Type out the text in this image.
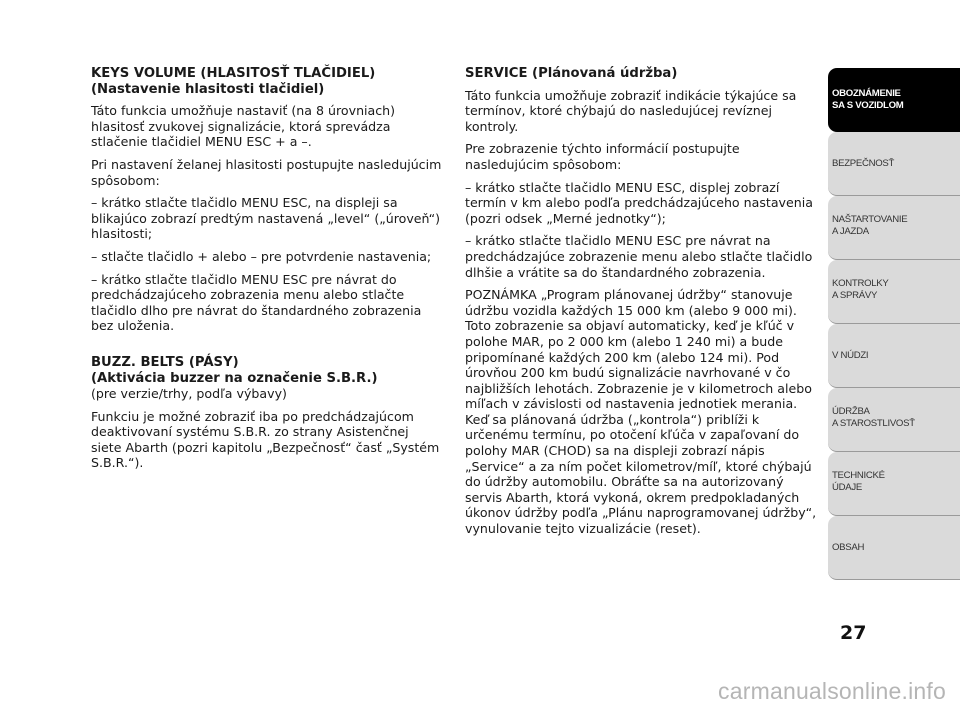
KEYS VOLUME (HLASITOSŤ TLAČIDIEL)
(Nastavenie hlasitosti tlačidiel)

Táto funkcia umožňuje nastaviť (na 8 úrovniach) hlasitosť zvukovej signalizácie, ktorá sprevádza stlačenie tlačidiel MENU ESC + a –.

Pri nastavení želanej hlasitosti postupujte nasledujúcim spôsobom:

– krátko stlačte tlačidlo MENU ESC, na displeji sa blikajúco zobrazí predtým nastavená „level“ („úroveň“) hlasitosti;

– stlačte tlačidlo + alebo – pre potvrdenie nastavenia;

– krátko stlačte tlačidlo MENU ESC pre návrat do predchádzajúceho zobrazenia menu alebo stlačte tlačidlo dlho pre návrat do štandardného zobrazenia bez uloženia.

BUZZ. BELTS (PÁSY)
(Aktivácia buzzer na označenie S.B.R.)

(pre verzie/trhy, podľa výbavy)

Funkciu je možné zobraziť iba po predchádzajúcom deaktivovaní systému S.B.R. zo strany Asistenčnej siete Abarth (pozri kapitolu „Bezpečnosť“ časť „Systém S.B.R.“).

SERVICE (Plánovaná údržba)

Táto funkcia umožňuje zobraziť indikácie týkajúce sa termínov, ktoré chýbajú do nasledujúcej revíznej kontroly.

Pre zobrazenie týchto informácií postupujte nasledujúcim spôsobom:

– krátko stlačte tlačidlo MENU ESC, displej zobrazí termín v km alebo podľa predchádzajúceho nastavenia (pozri odsek „Merné jednotky“);

– krátko stlačte tlačidlo MENU ESC pre návrat na predchádzajúce zobrazenie menu alebo stlačte tlačidlo dlhšie a vrátite sa do štandardného zobrazenia.

POZNÁMKA „Program plánovanej údržby“ stanovuje údržbu vozidla každých 15 000 km (alebo 9 000 mi). Toto zobrazenie sa objaví automaticky, keď je kľúč v polohe MAR, po 2 000 km (alebo 1 240 mi) a bude pripomínané každých 200 km (alebo 124 mi). Pod úrovňou 200 km budú signalizácie navrhované v čo najbližších lehotách. Zobrazenie je v kilometroch alebo míľach v závislosti od nastavenia jednotiek merania. Keď sa plánovaná údržba („kontrola“) priblíži k určenému termínu, po otočení kľúča v zapaľovaní do polohy MAR (CHOD) sa na displeji zobrazí nápis „Service“ a za ním počet kilometrov/míľ, ktoré chýbajú do údržby automobilu. Obráťte sa na autorizovaný servis Abarth, ktorá vykoná, okrem predpokladaných úkonov údržby podľa „Plánu naprogramovanej údržby“, vynulovanie tejto vizualizácie (reset).

OBOZNÁMENIE
SA S VOZIDLOM
BEZPEČNOSŤ
NAŠTARTOVANIE
A JAZDA
KONTROLKY
A SPRÁVY
V NÚDZI
ÚDRŽBA
A STAROSTLIVOSŤ
TECHNICKÉ
ÚDAJE
OBSAH
27
carmanualsonline.info
